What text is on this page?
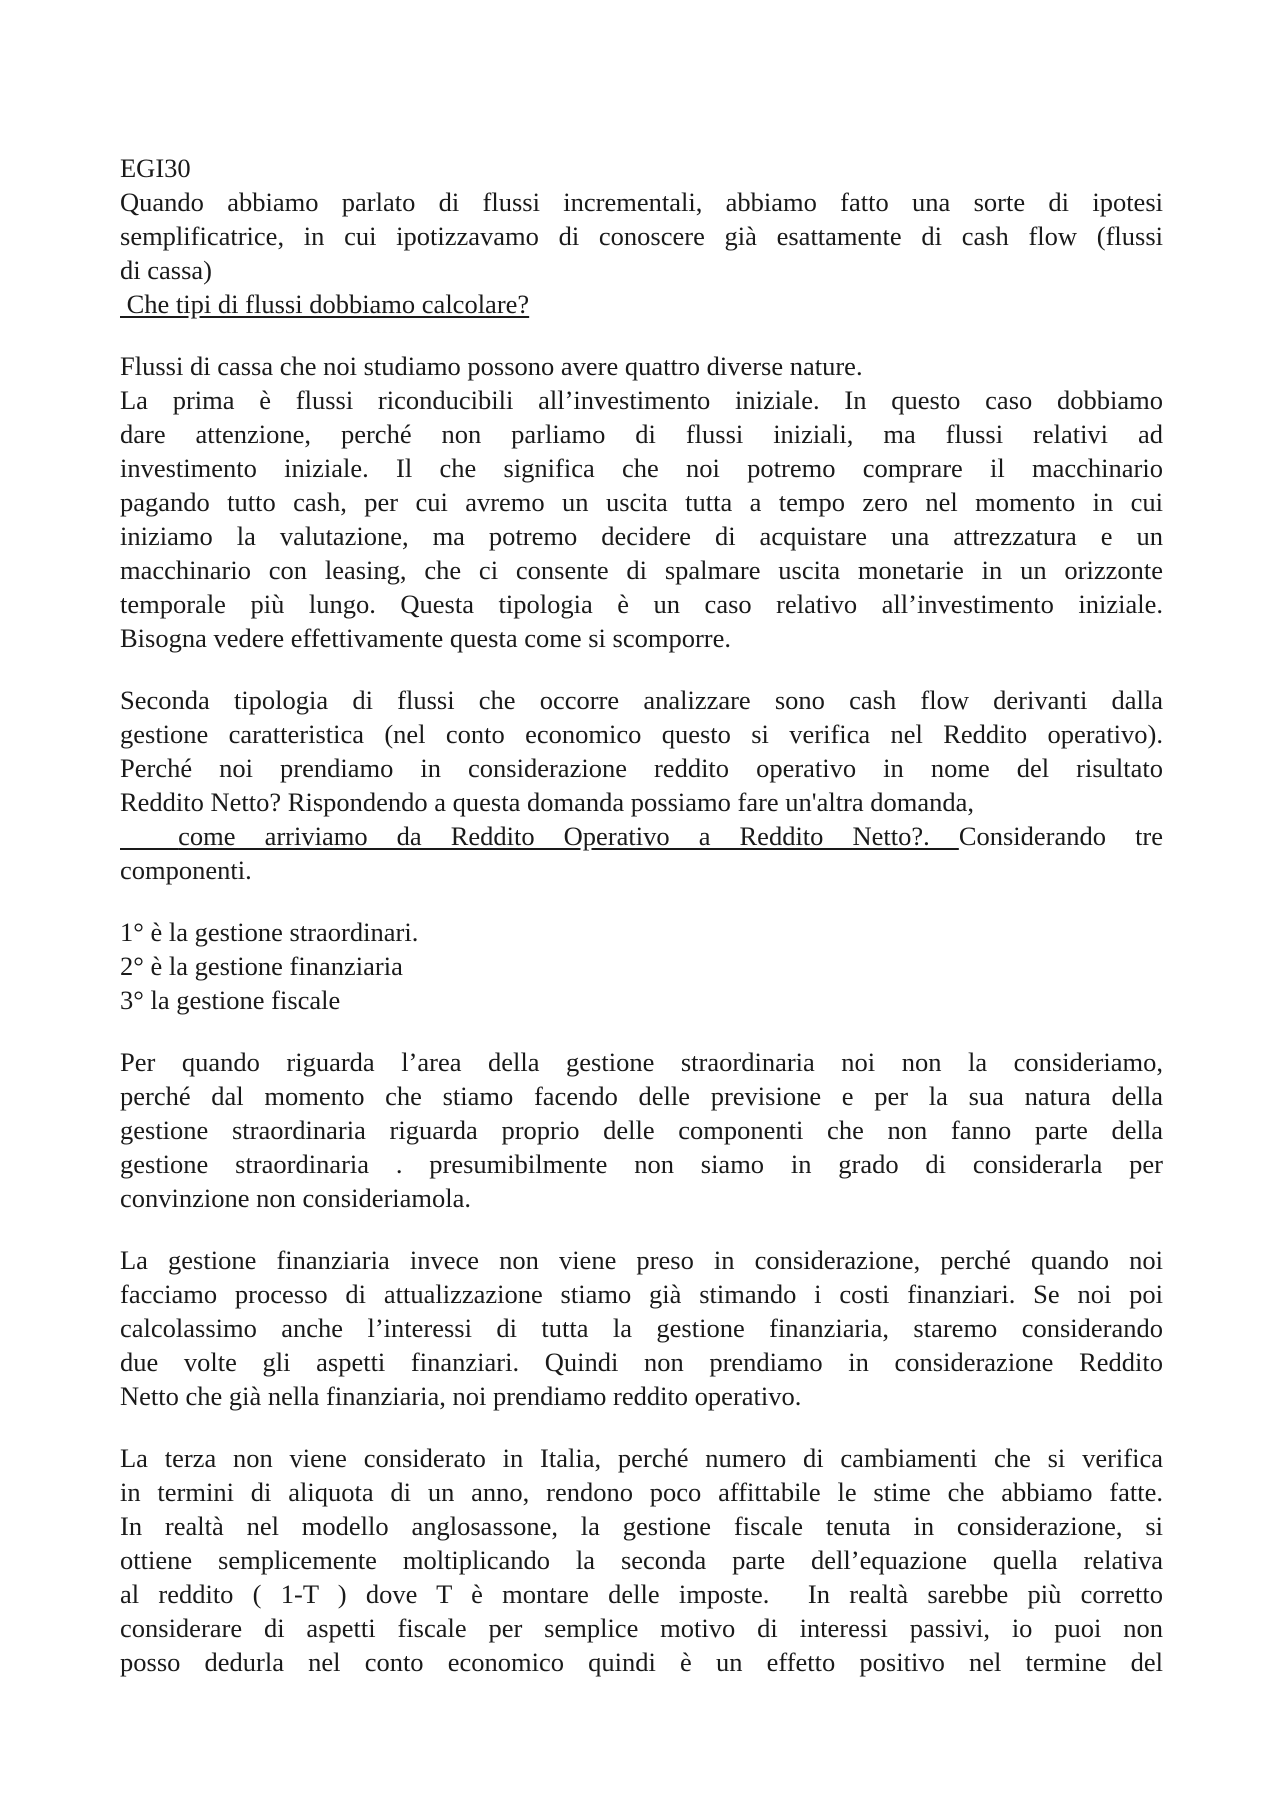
EGI30
Quando abbiamo parlato di flussi incrementali, abbiamo fatto una sorte di ipotesi
semplificatrice, in cui ipotizzavamo di conoscere già esattamente di cash flow (flussi
di cassa)
Che tipi di flussi dobbiamo calcolare?

Flussi di cassa che noi studiamo possono avere quattro diverse nature.
La prima è flussi riconducibili all’investimento iniziale. In questo caso dobbiamo
dare attenzione, perché non parliamo di flussi iniziali, ma flussi relativi ad
investimento iniziale. Il che significa che noi potremo comprare il macchinario
pagando tutto cash, per cui avremo un uscita tutta a tempo zero nel momento in cui
iniziamo la valutazione, ma potremo decidere di acquistare una attrezzatura e un
macchinario con leasing, che ci consente di spalmare uscita monetarie in un orizzonte
temporale più lungo. Questa tipologia è un caso relativo all’investimento iniziale.
Bisogna vedere effettivamente questa come si scomporre.

Seconda tipologia di flussi che occorre analizzare sono cash flow derivanti dalla
gestione caratteristica (nel conto economico questo si verifica nel Reddito operativo).
Perché noi prendiamo in considerazione reddito operativo in nome del risultato
Reddito Netto? Rispondendo a questa domanda possiamo fare un'altra domanda,
come arriviamo da Reddito Operativo a Reddito Netto?. Considerando tre
componenti.

1° è la gestione straordinari.

2° è la gestione finanziaria

3° la gestione fiscale

Per quando riguarda l’area della gestione straordinaria noi non la consideriamo,
perché dal momento che stiamo facendo delle previsione e per la sua natura della
gestione straordinaria riguarda proprio delle componenti che non fanno parte della
gestione straordinaria . presumibilmente non siamo in grado di considerarla per
convinzione non consideriamola.

La gestione finanziaria invece non viene preso in considerazione, perché quando noi
facciamo processo di attualizzazione stiamo già stimando i costi finanziari. Se noi poi
calcolassimo anche l’interessi di tutta la gestione finanziaria, staremo considerando
due volte gli aspetti finanziari. Quindi non prendiamo in considerazione Reddito
Netto che già nella finanziaria, noi prendiamo reddito operativo.

La terza non viene considerato in Italia, perché numero di cambiamenti che si verifica
in termini di aliquota di un anno, rendono poco affittabile le stime che abbiamo fatte.
In realtà nel modello anglosassone, la gestione fiscale tenuta in considerazione, si
ottiene semplicemente moltiplicando la seconda parte dell’equazione quella relativa
al reddito ( 1-T ) dove T è montare delle imposte.  In realtà sarebbe più corretto
considerare di aspetti fiscale per semplice motivo di interessi passivi, io puoi non
posso dedurla nel conto economico quindi è un effetto positivo nel termine del
